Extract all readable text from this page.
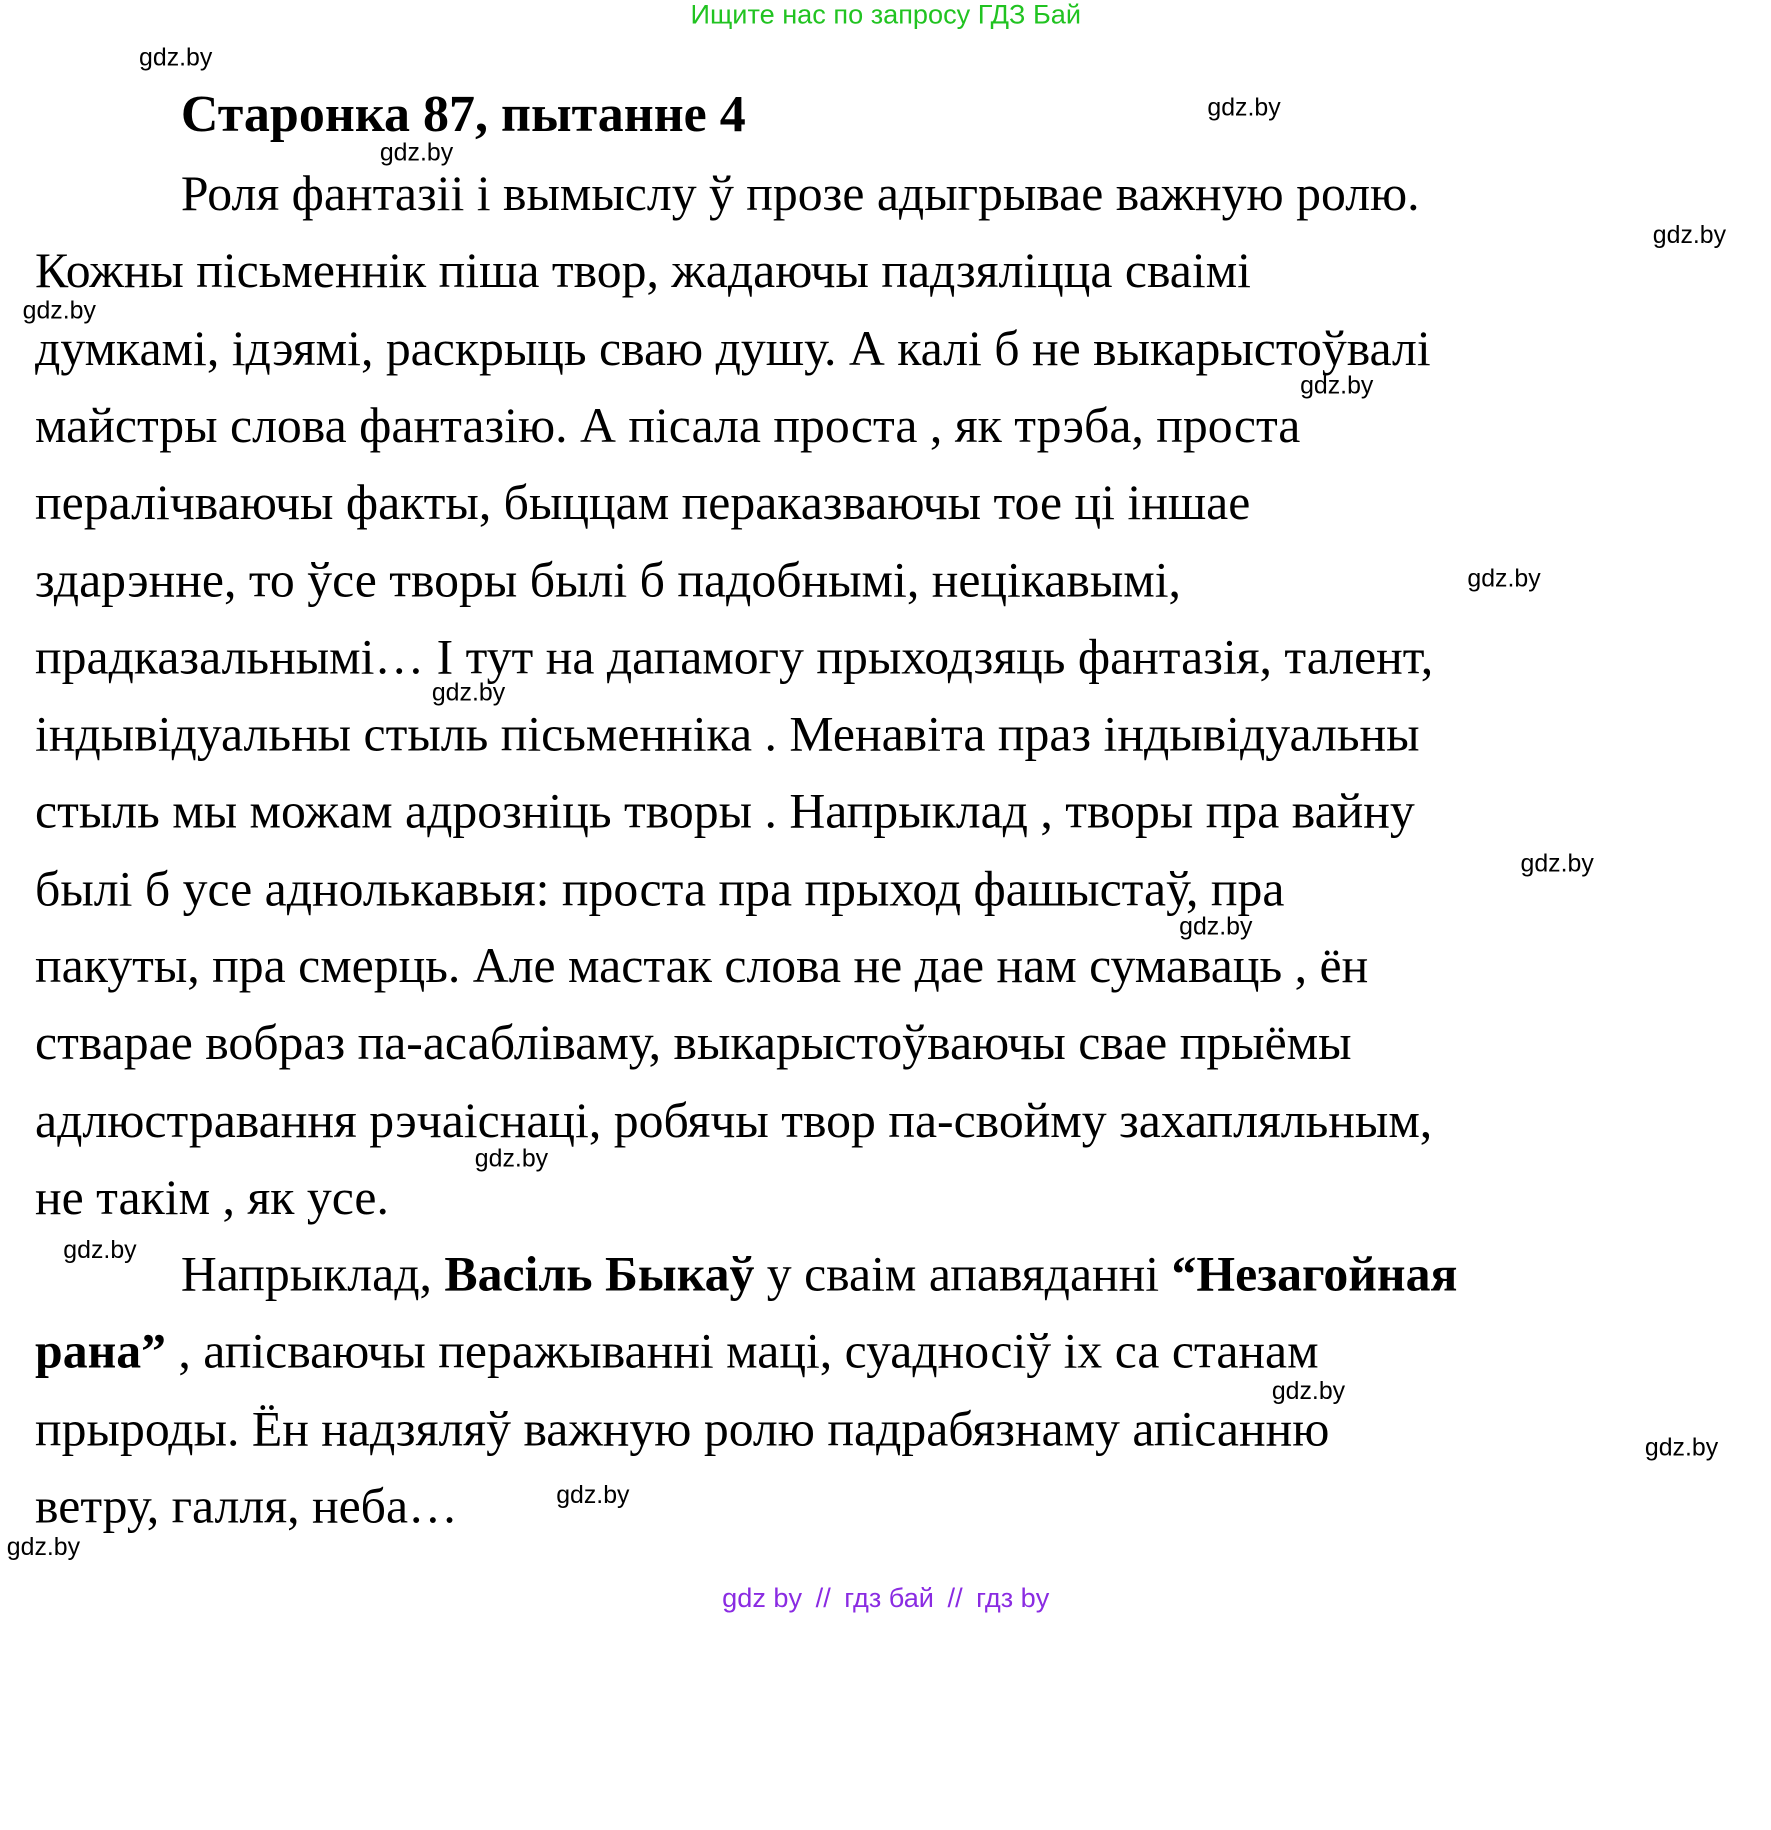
Ищите нас по запросу ГДЗ Бай
Старонка 87, пытанне 4
Роля фантазіі і вымыслу ў прозе адыгрывае важную ролю.
Кожны пісьменнік піша твор, жадаючы падзяліцца сваімі
думкамі, ідэямі, раскрыць сваю душу. А калі б не выкарыстоўвалі
майстры слова фантазію. А пісала проста , як трэба, проста
пералічваючы факты, быццам пераказваючы тое ці іншае
здарэнне, то ўсе творы былі б падобнымі, нецікавымі,
прадказальнымі… І тут на дапамогу прыходзяць фантазія, талент,
індывідуальны стыль пісьменніка . Менавіта праз індывідуальны
стыль мы можам адрозніць творы . Напрыклад , творы пра вайну
былі б усе аднолькавыя: проста пра прыход фашыстаў, пра
пакуты, пра смерць. Але мастак слова не дае нам сумаваць , ён
стварае вобраз па-асабліваму, выкарыстоўваючы свае прыёмы
адлюстравання рэчаіснаці, робячы твор па-свойму захапляльным,
не такім , як усе.
Напрыклад, Васіль Быкаў у сваім апавяданні “Незагойная
рана” , апісваючы перажыванні маці, суадносіў іх са станам
прыроды. Ён надзяляў важную ролю падрабязнаму апісанню
ветру, галля, неба…
gdz.by
gdz.by
gdz.by
gdz.by
gdz.by
gdz.by
gdz.by
gdz.by
gdz.by
gdz.by
gdz.by
gdz.by
gdz.by
gdz.by
gdz.by
gdz.by
gdz by // гдз бай // гдз by
